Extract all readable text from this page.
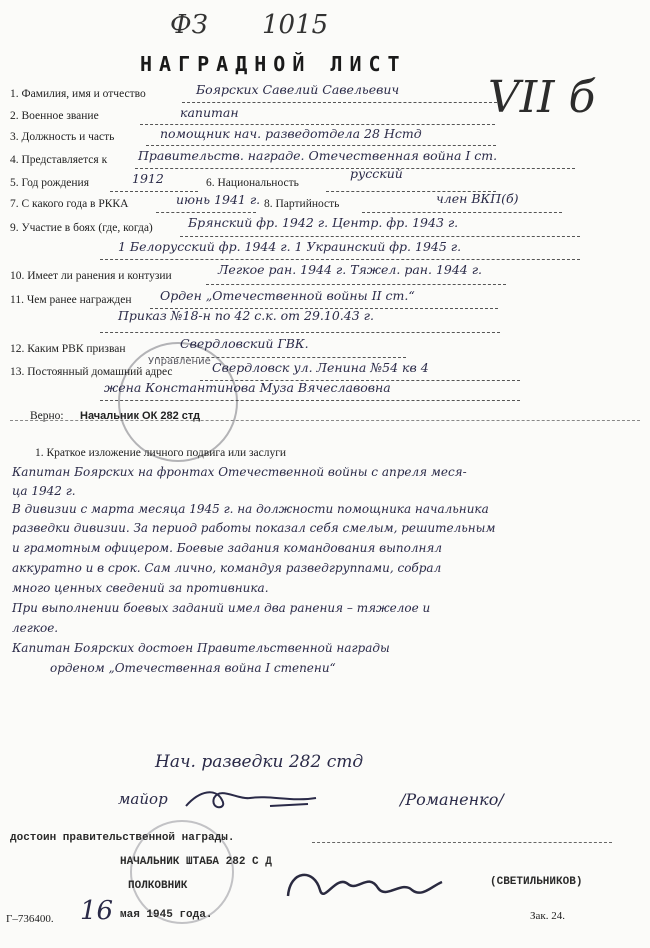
Управление
ФЗ 1015
НАГРАДНОЙ ЛИСТ
VII б
1. Фамилия, имя и отчество	Боярских Савелий Савельевич
2. Военное звание	капитан
3. Должность и часть	помощник нач. разведотдела 28 Нстд
4. Представляется к Правительств. награде. Отечественная война I ст.
5. Год рождения	1912	6. Национальность
русский
7. С какого года в РККА	июнь 1941 г. 8. Партийность	член ВКП(б)
9. Участие в боях (где, когда)	Брянский фр. 1942 г. Центр. фр. 1943 г.
1 Белорусский фр. 1944 г. 1 Украинский фр. 1945 г.
10. Имеет ли ранения и контузии	Легкое ран. 1944 г. Тяжел. ран. 1944 г.
11. Чем ранее награжден Орден „Отечественной войны II ст.“
Приказ №18-н по 42 с.к. от 29.10.43 г.
12. Каким РВК призван	Свердловский ГВК.
13. Постоянный домашний адрес	Свердловск ул. Ленина №54 кв 4
жена Константинова Муза Вячеславовна
Верно: Начальник ОК 282 стд
1. Краткое изложение личного подвига или заслуги
Капитан Боярских на фронтах Отечественной войны с апреля меся-
ца 1942 г.
В дивизии с марта месяца 1945 г. на должности помощника начальника
разведки дивизии. За период работы показал себя смелым, решительным
и грамотным офицером. Боевые задания командования выполнял
аккуратно и в срок. Сам лично, командуя разведгруппами, собрал
много ценных сведений за противника.
При выполнении боевых заданий имел два ранения – тяжелое и
легкое.
Капитан Боярских достоен Правительственной награды
орденом „Отечественная война I степени“
Нач. разведки 282 стд
майор	/Романенко/
достоин правительственной награды.
НАЧАЛЬНИК ШТАБА 282 С Д
ПОЛКОВНИК	(СВЕТИЛЬНИКОВ)
Г–736400. 16 мая 1945 года.	Зак. 24.
